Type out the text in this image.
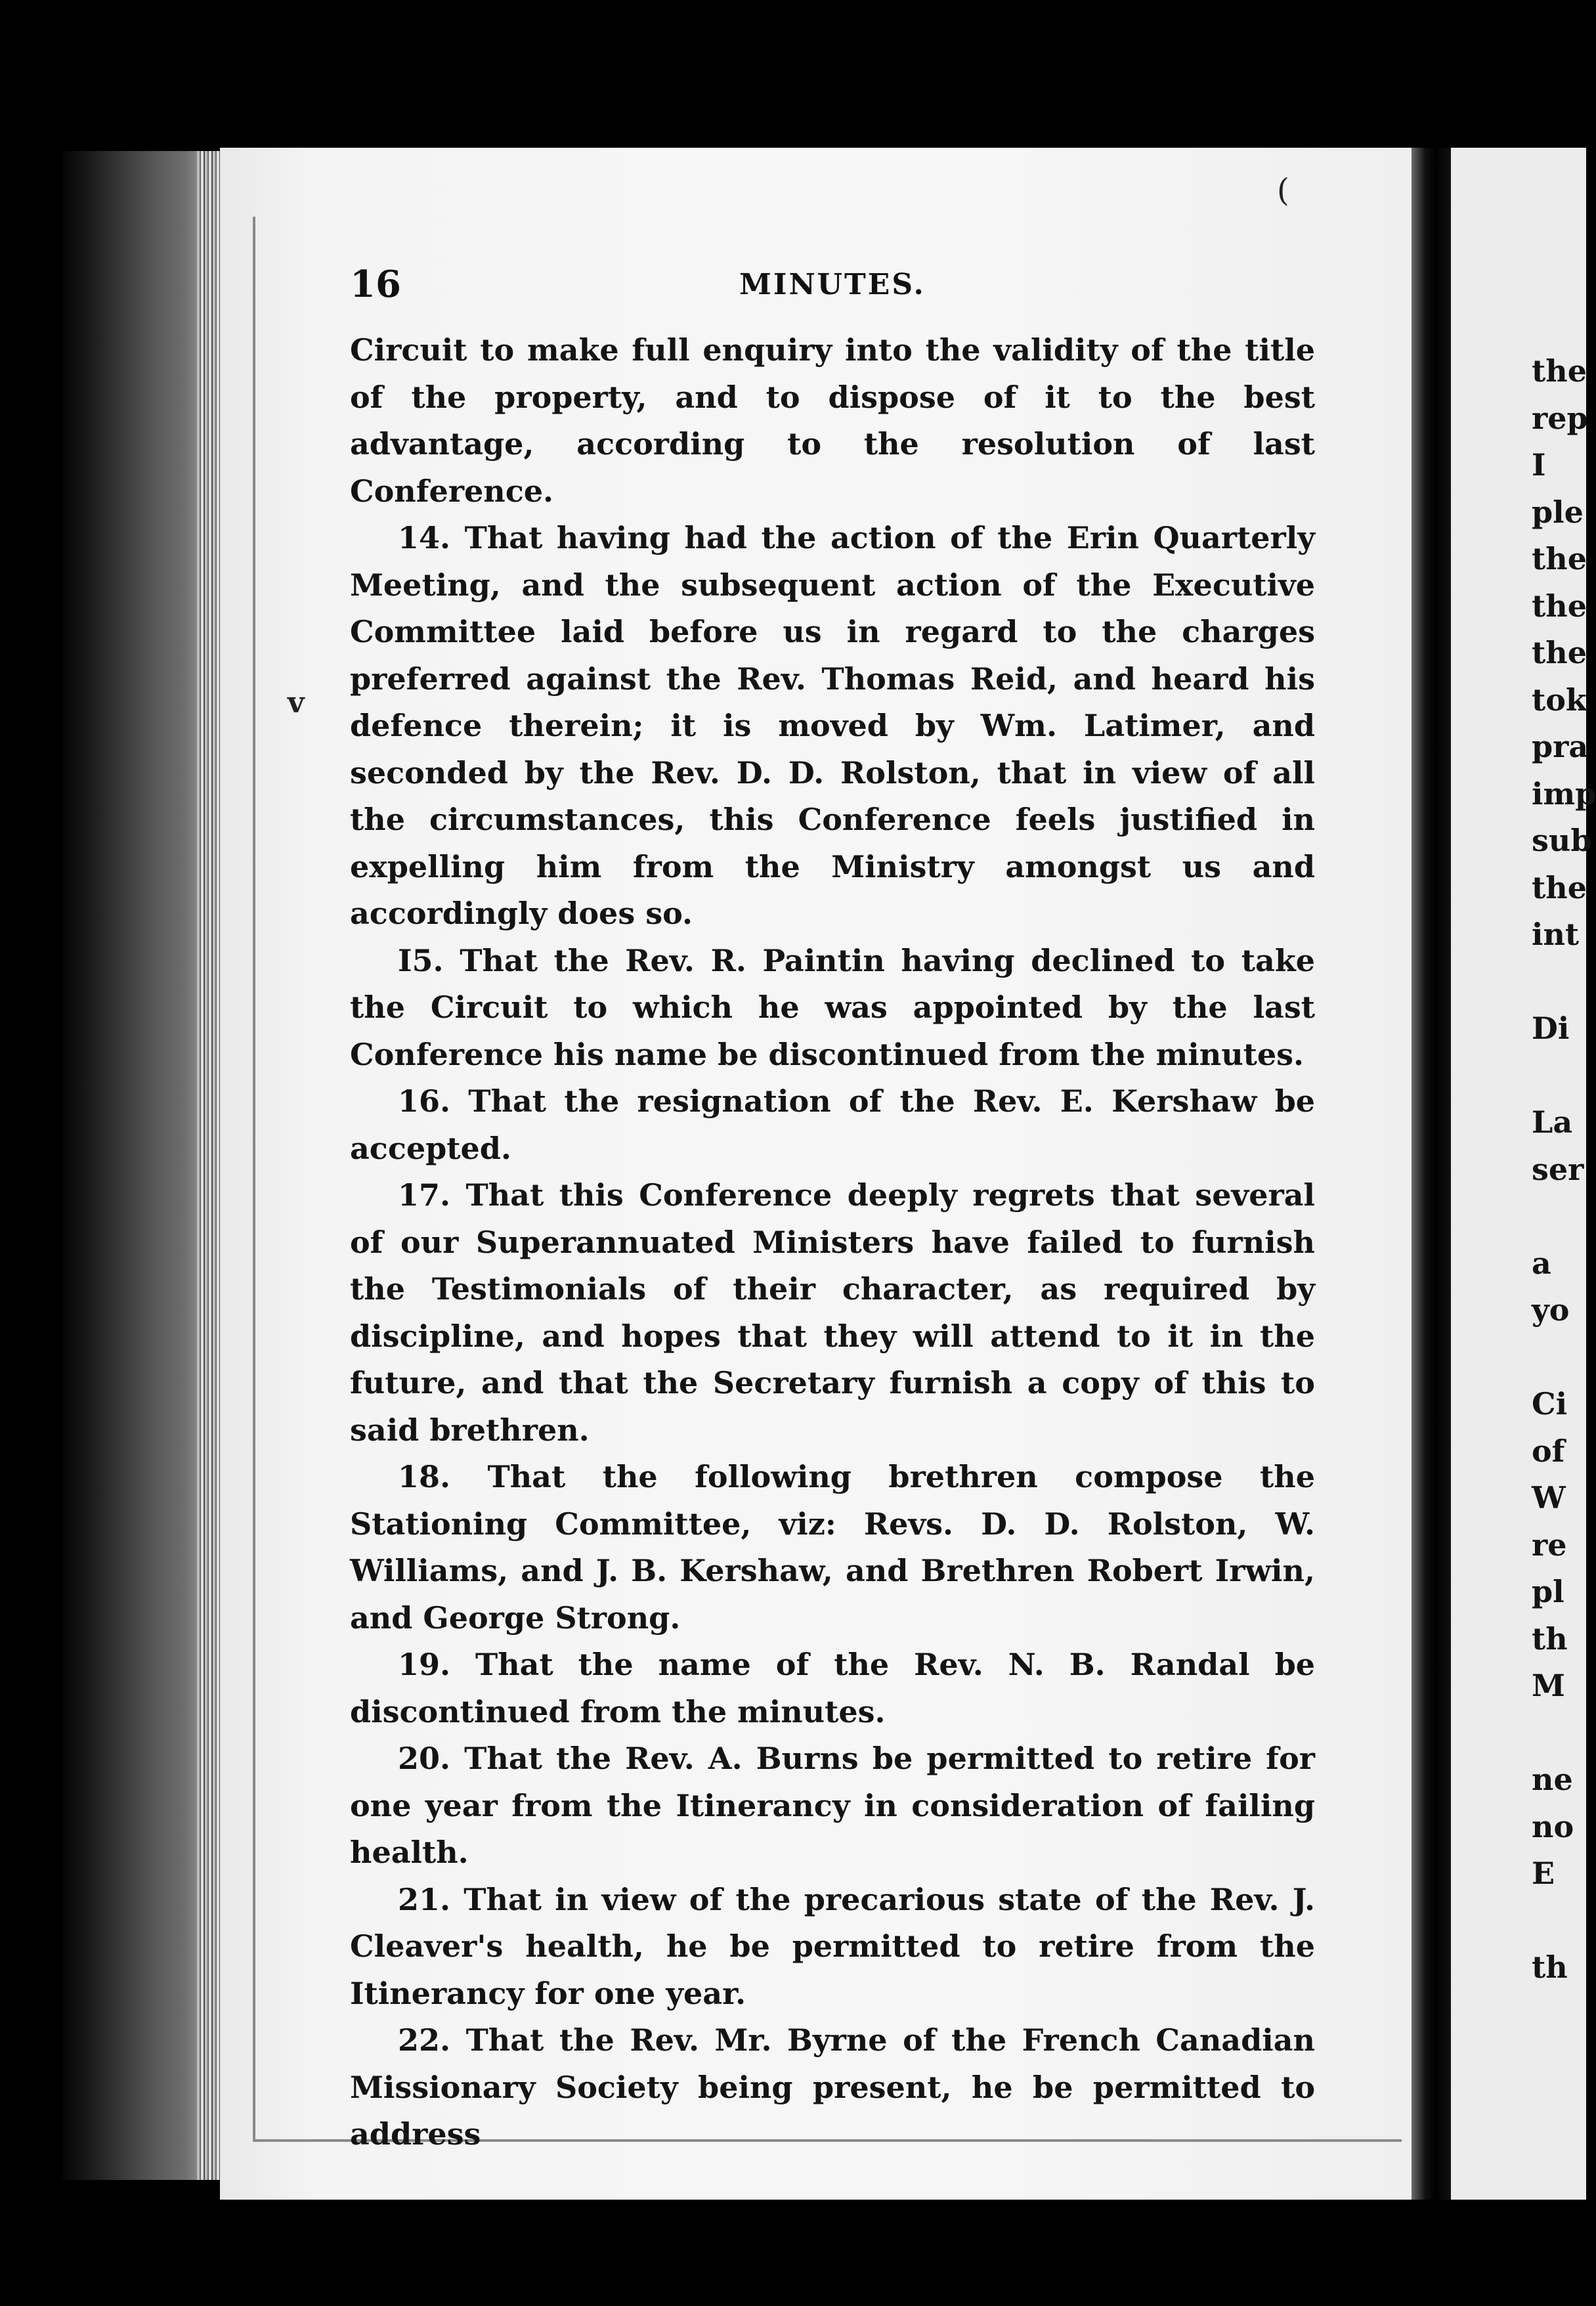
v
(
16	MINUTES.

Circuit to make full enquiry into the validity of the title of the property, and to dispose of it to the best advantage, according to the resolution of last Conference.

14. That having had the action of the Erin Quarterly Meeting, and the subsequent action of the Executive Committee laid before us in regard to the charges preferred against the Rev. Thomas Reid, and heard his defence therein; it is moved by Wm. Latimer, and seconded by the Rev. D. D. Rolston, that in view of all the circumstances, this Conference feels justified in expelling him from the Ministry amongst us and accordingly does so.

I5. That the Rev. R. Paintin having declined to take the Circuit to which he was appointed by the last Conference his name be discontinued from the minutes.

16. That the resignation of the Rev. E. Kershaw be accepted.

17. That this Conference deeply regrets that several of our Superannuated Ministers have failed to furnish the Testimonials of their character, as required by discipline, and hopes that they will attend to it in the future, and that the Secretary furnish a copy of this to said brethren.

18. That the following brethren compose the Stationing Committee, viz: Revs. D. D. Rolston, W. Williams, and J. B. Kershaw, and Brethren Robert Irwin, and George Strong.

19. That the name of the Rev. N. B. Randal be discontinued from the minutes.

20. That the Rev. A. Burns be permitted to retire for one year from the Itinerancy in consideration of failing health.

21. That in view of the precarious state of the Rev. J. Cleaver's health, he be permitted to retire from the Itinerancy for one year.

22. That the Rev. Mr. Byrne of the French Canadian Missionary Society being present, he be permitted to address

the
rep
I
ple
the
the
the
tok
pra
imp
sub
the
int
Di
La
ser
a
yo
Ci
of
W
re
pl
th
M
ne
no
E
th
